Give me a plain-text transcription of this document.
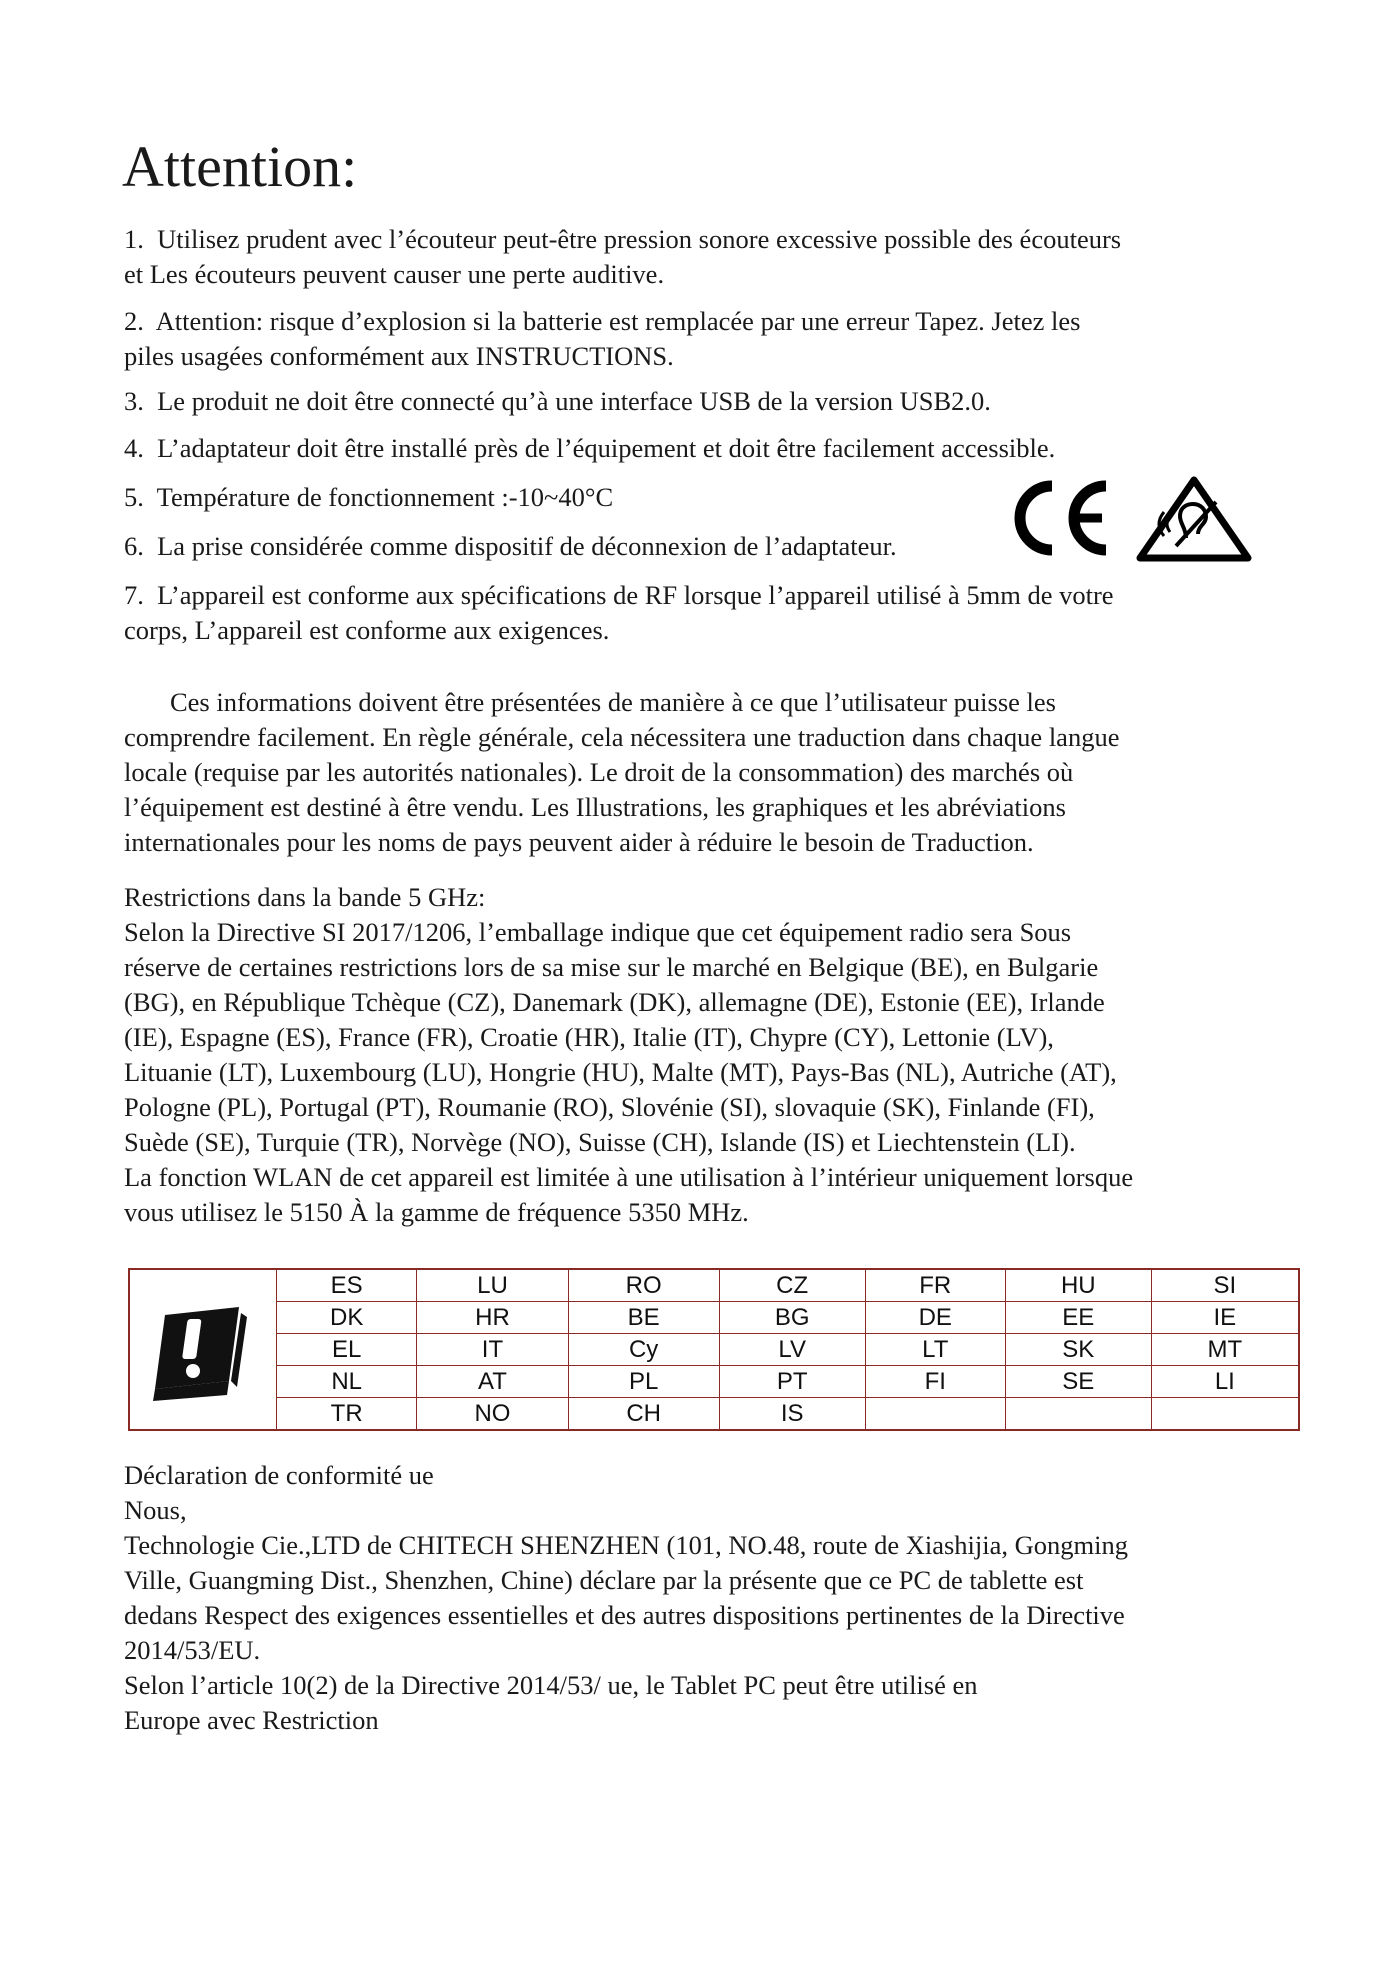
Attention:

1. Utilisez prudent avec l’écouteur peut-être pression sonore excessive possible des écouteurs

et Les écouteurs peuvent causer une perte auditive.

2. Attention: risque d’explosion si la batterie est remplacée par une erreur Tapez. Jetez les

piles usagées conformément aux INSTRUCTIONS.

3. Le produit ne doit être connecté qu’à une interface USB de la version USB2.0.

4. L’adaptateur doit être installé près de l’équipement et doit être facilement accessible.

5. Température de fonctionnement :-10~40°C

6. La prise considérée comme dispositif de déconnexion de l’adaptateur.

7. L’appareil est conforme aux spécifications de RF lorsque l’appareil utilisé à 5mm de votre

corps, L’appareil est conforme aux exigences.

Ces informations doivent être présentées de manière à ce que l’utilisateur puisse les

comprendre facilement. En règle générale, cela nécessitera une traduction dans chaque langue

locale (requise par les autorités nationales). Le droit de la consommation) des marchés où

l’équipement est destiné à être vendu. Les Illustrations, les graphiques et les abréviations

internationales pour les noms de pays peuvent aider à réduire le besoin de Traduction.

Restrictions dans la bande 5 GHz:

Selon la Directive SI 2017/1206, l’emballage indique que cet équipement radio sera Sous

réserve de certaines restrictions lors de sa mise sur le marché en Belgique (BE), en Bulgarie

(BG), en République Tchèque (CZ), Danemark (DK), allemagne (DE), Estonie (EE), Irlande

(IE), Espagne (ES), France (FR), Croatie (HR), Italie (IT), Chypre (CY), Lettonie (LV),

Lituanie (LT), Luxembourg (LU), Hongrie (HU), Malte (MT), Pays-Bas (NL), Autriche (AT),

Pologne (PL), Portugal (PT), Roumanie (RO), Slovénie (SI), slovaquie (SK), Finlande (FI),

Suède (SE), Turquie (TR), Norvège (NO), Suisse (CH), Islande (IS) et Liechtenstein (LI).

La fonction WLAN de cet appareil est limitée à une utilisation à l’intérieur uniquement lorsque

vous utilisez le 5150 À la gamme de fréquence 5350 MHz.

	ES	LU	RO	CZ	FR	HU	SI
	DK	HR	BE	BG	DE	EE	IE
	EL	IT	Cy	LV	LT	SK	MT
	NL	AT	PL	PT	FI	SE	LI
	TR	NO	CH	IS			

Déclaration de conformité ue

Nous,

Technologie Cie.,LTD de CHITECH SHENZHEN (101, NO.48, route de Xiashijia, Gongming

Ville, Guangming Dist., Shenzhen, Chine) déclare par la présente que ce PC de tablette est

dedans Respect des exigences essentielles et des autres dispositions pertinentes de la Directive

2014/53/EU.

Selon l’article 10(2) de la Directive 2014/53/ ue, le Tablet PC peut être utilisé en

Europe avec Restriction
